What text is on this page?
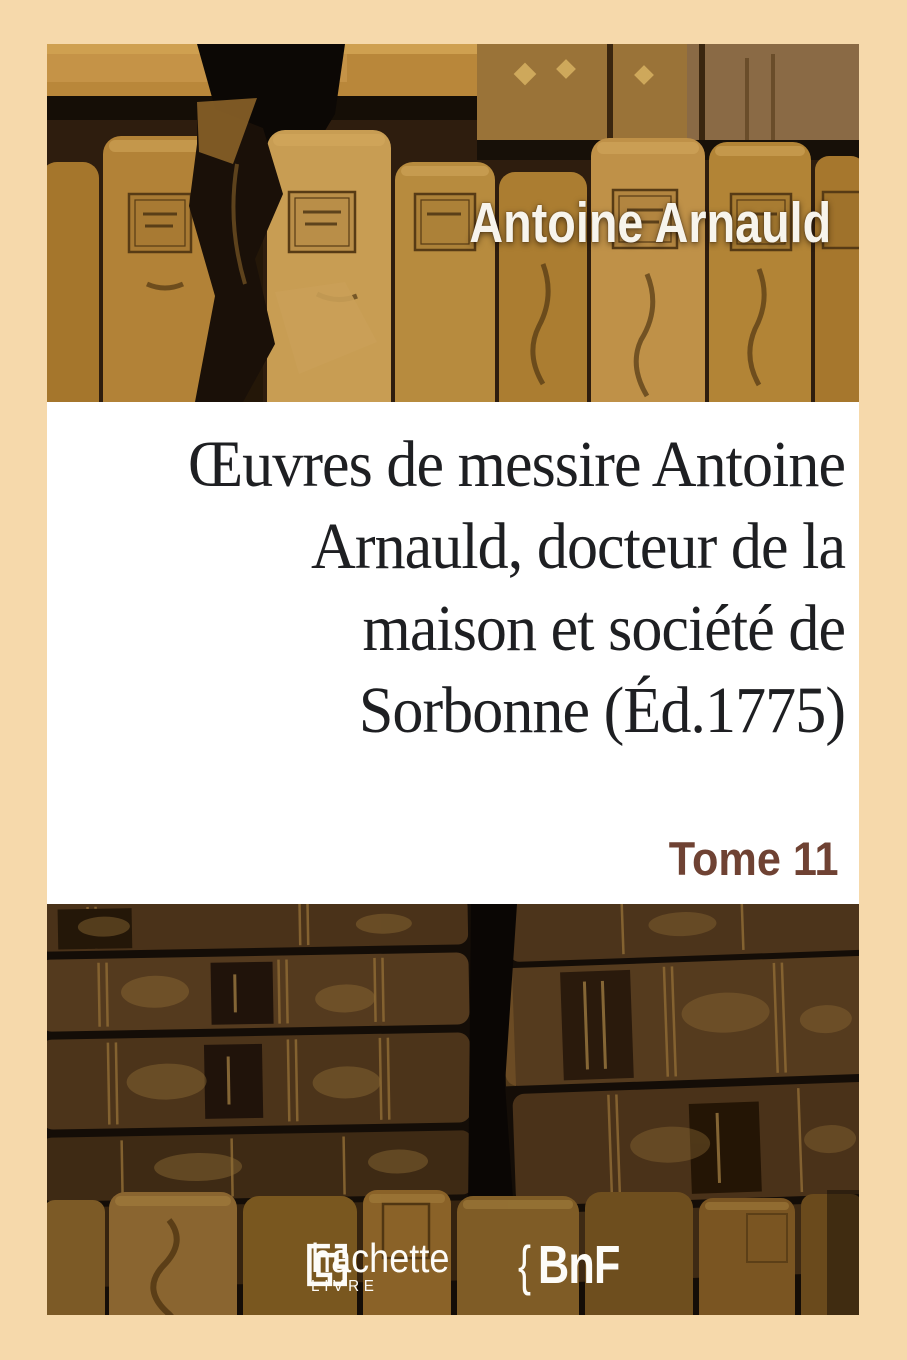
Antoine Arnauld
Œuvres de messire Antoine
Arnauld, docteur de la
maison et société de
Sorbonne (Éd.1775)
Tome 11
hachette
LIVRE	{ BnF
